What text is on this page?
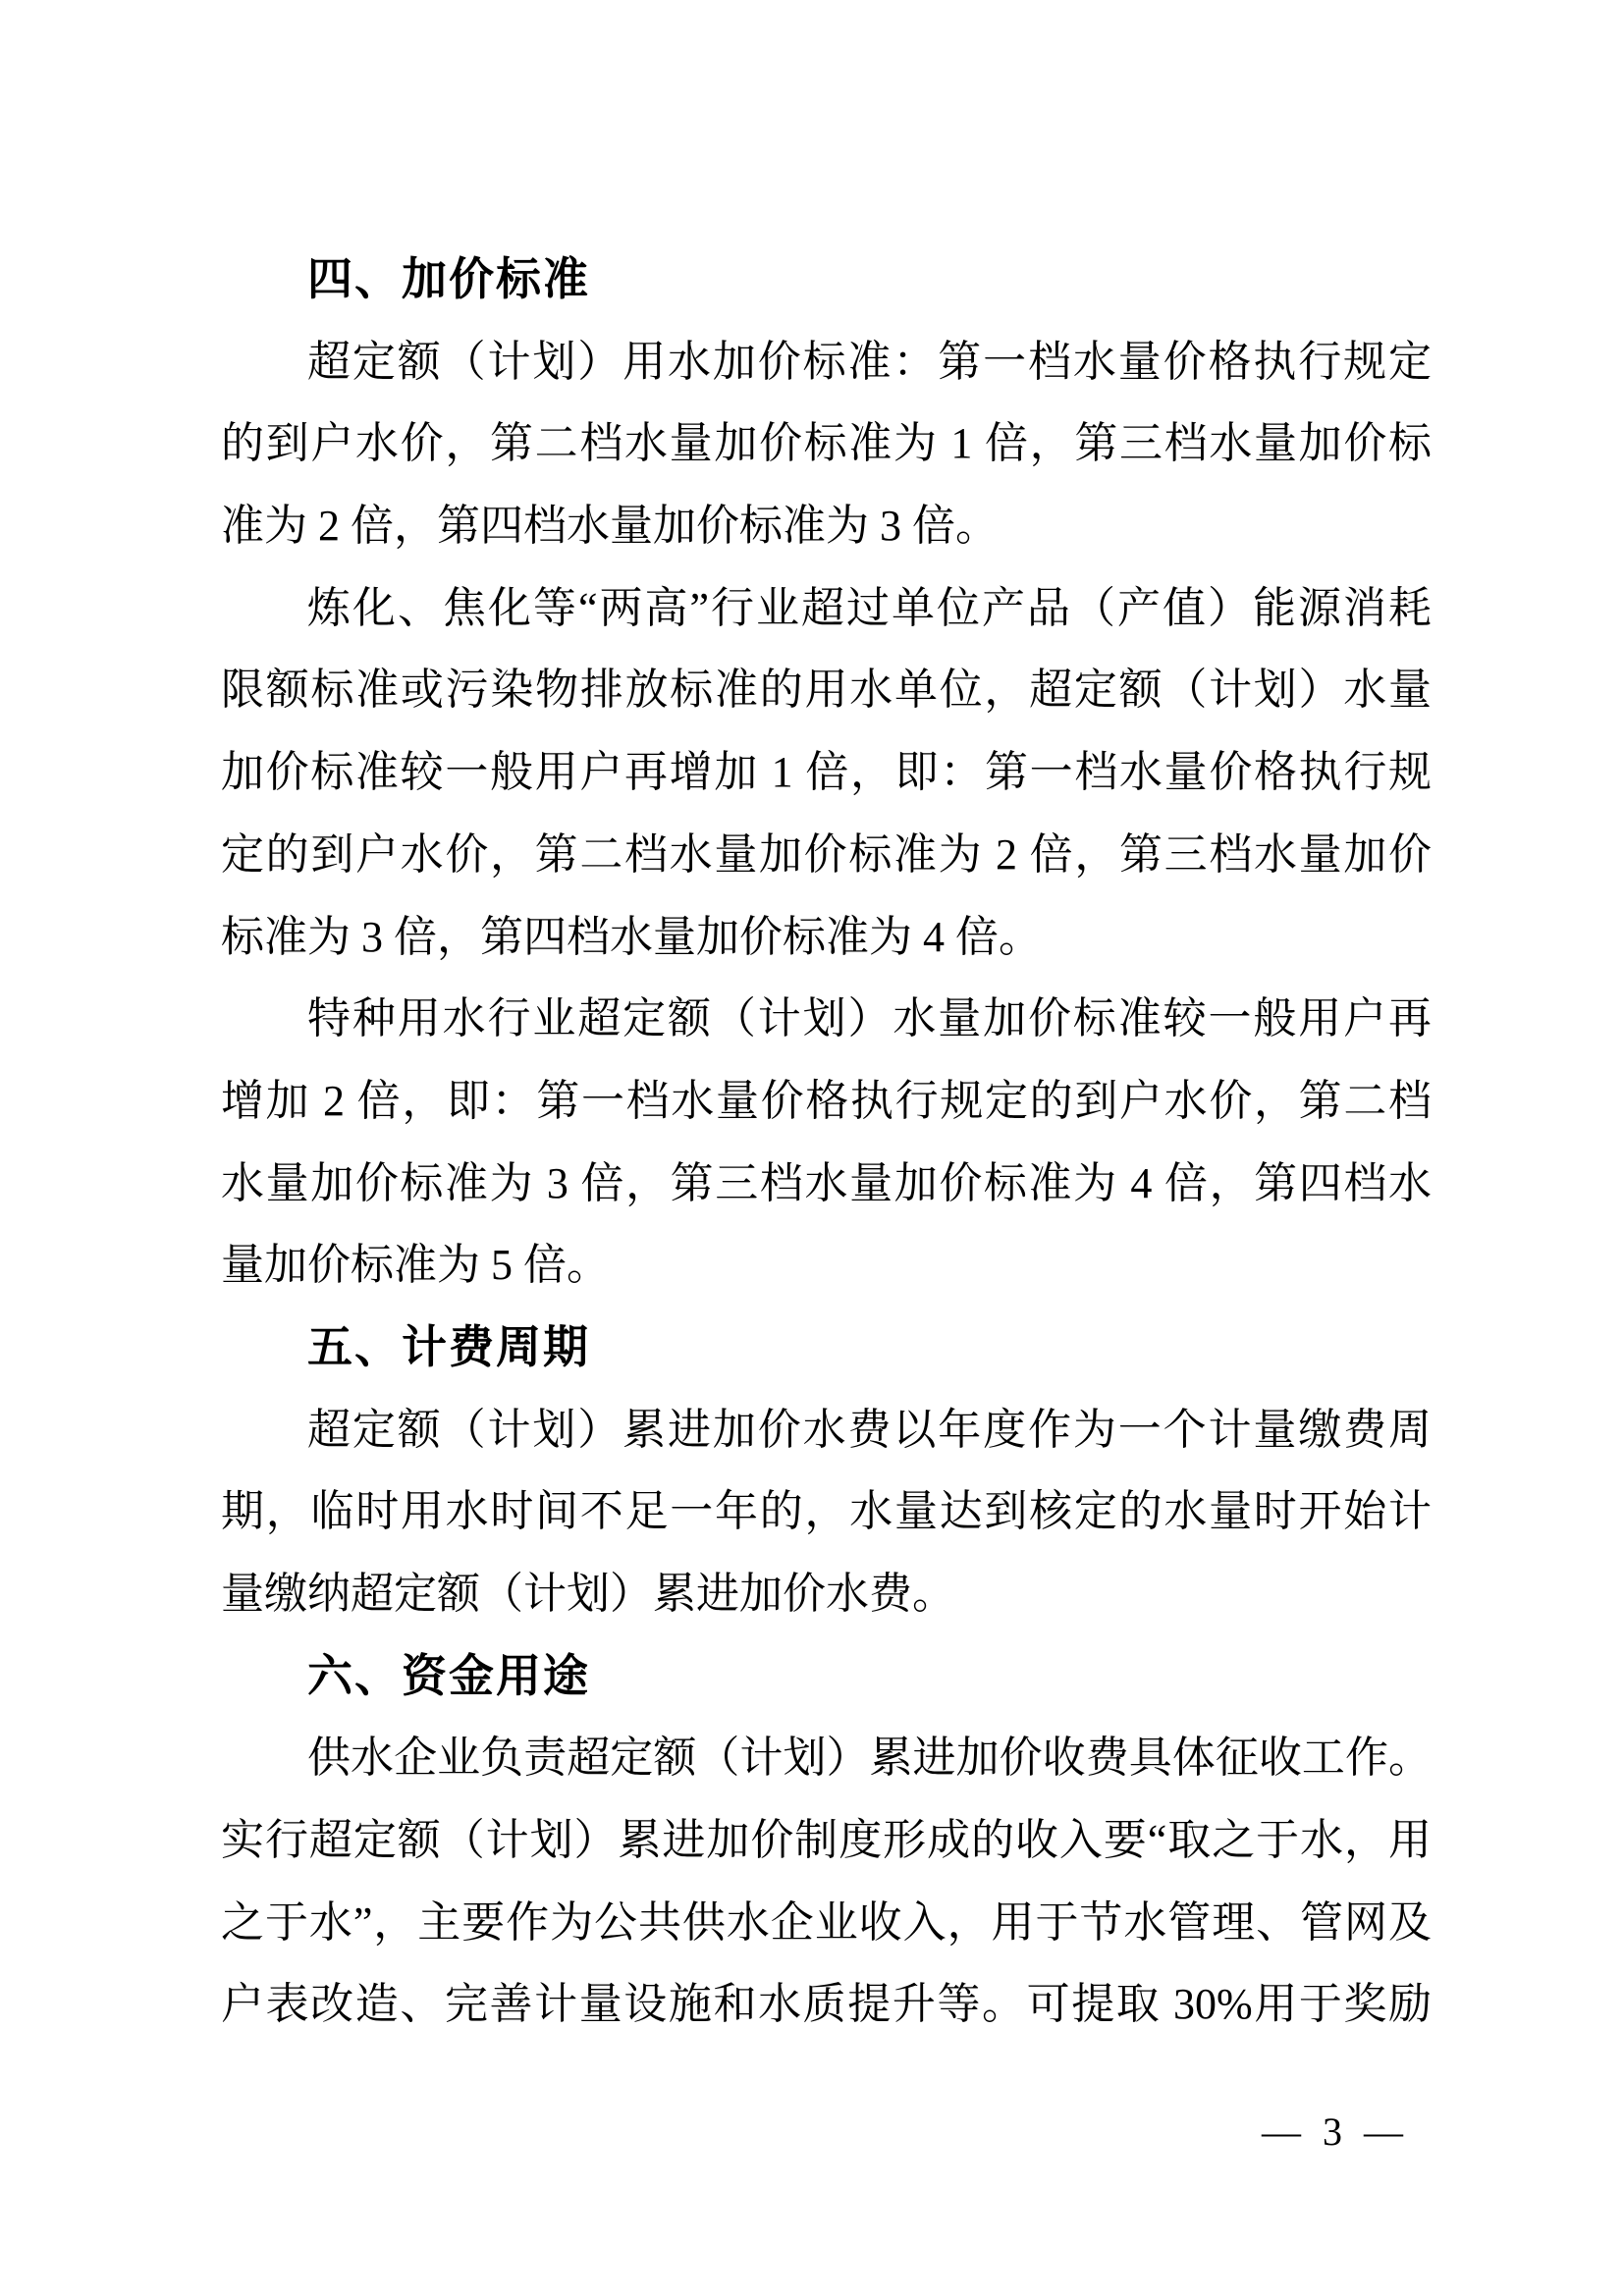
四、加价标准
超定额（计划）用水加价标准：第一档水量价格执行规定
的到户水价，第二档水量加价标准为 1 倍，第三档水量加价标
准为 2 倍，第四档水量加价标准为 3 倍。
炼化、焦化等“两高”行业超过单位产品（产值）能源消耗
限额标准或污染物排放标准的用水单位，超定额（计划）水量
加价标准较一般用户再增加 1 倍，即：第一档水量价格执行规
定的到户水价，第二档水量加价标准为 2 倍，第三档水量加价
标准为 3 倍，第四档水量加价标准为 4 倍。
特种用水行业超定额（计划）水量加价标准较一般用户再
增加 2 倍，即：第一档水量价格执行规定的到户水价，第二档
水量加价标准为 3 倍，第三档水量加价标准为 4 倍，第四档水
量加价标准为 5 倍。
五、计费周期
超定额（计划）累进加价水费以年度作为一个计量缴费周
期，临时用水时间不足一年的，水量达到核定的水量时开始计
量缴纳超定额（计划）累进加价水费。
六、资金用途
供水企业负责超定额（计划）累进加价收费具体征收工作。
实行超定额（计划）累进加价制度形成的收入要“取之于水，用
之于水”，主要作为公共供水企业收入，用于节水管理、管网及
户表改造、完善计量设施和水质提升等。可提取 30%用于奖励
— 3 —
